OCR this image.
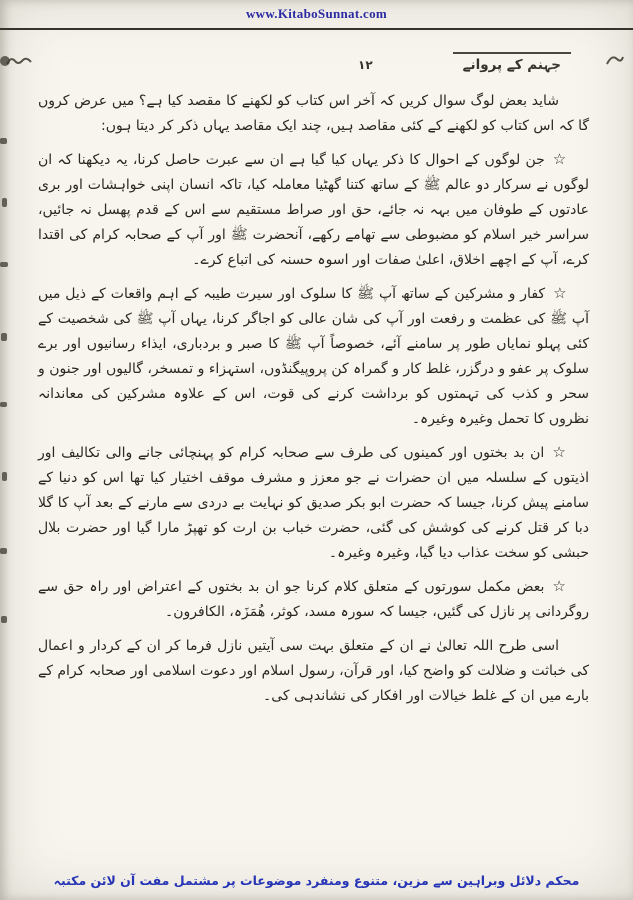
www.KitaboSunnat.com
۱۲	جہنم کے پروانے

شاید بعض لوگ سوال کریں کہ آخر اس کتاب کو لکھنے کا مقصد کیا ہے؟ میں عرض کروں گا کہ اس کتاب کو لکھنے کے کئی مقاصد ہیں، چند ایک مقاصد یہاں ذکر کر دیتا ہوں:

☆جن لوگوں کے احوال کا ذکر یہاں کیا گیا ہے ان سے عبرت حاصل کرنا، یہ دیکھنا کہ ان لوگوں نے سرکار دو عالم ﷺ کے ساتھ کتنا گھٹیا معاملہ کیا، تاکہ انسان اپنی خواہشات اور بری عادتوں کے طوفان میں بہہ نہ جائے، حق اور صراط مستقیم سے اس کے قدم پھسل نہ جائیں، سراسر خیر اسلام کو مضبوطی سے تھامے رکھے، آنحضرت ﷺ اور آپ کے صحابہ کرام کی اقتدا کرے، آپ کے اچھے اخلاق، اعلیٰ صفات اور اسوہ حسنہ کی اتباع کرے۔

☆کفار و مشرکین کے ساتھ آپ ﷺ کا سلوک اور سیرت طیبہ کے اہم واقعات کے ذیل میں آپ ﷺ کی عظمت و رفعت اور آپ کی شان عالی کو اجاگر کرنا، یہاں آپ ﷺ کی شخصیت کے کئی پہلو نمایاں طور پر سامنے آئے، خصوصاً آپ ﷺ کا صبر و بردباری، ایذاء رسانیوں اور برے سلوک پر عفو و درگزر، غلط کار و گمراہ کن پروپیگنڈوں، استہزاء و تمسخر، گالیوں اور جنون و سحر و کذب کی تہمتوں کو برداشت کرنے کی قوت، اس کے علاوہ مشرکین کی معاندانہ نظروں کا تحمل وغیرہ وغیرہ۔

☆ان بد بختوں اور کمینوں کی طرف سے صحابہ کرام کو پہنچائی جانے والی تکالیف اور اذیتوں کے سلسلہ میں ان حضرات نے جو معزز و مشرف موقف اختیار کیا تھا اس کو دنیا کے سامنے پیش کرنا، جیسا کہ حضرت ابو بکر صدیق کو نہایت بے دردی سے مارنے کے بعد آپ کا گلا دبا کر قتل کرنے کی کوشش کی گئی، حضرت خباب بن ارت کو تھپڑ مارا گیا اور حضرت بلال حبشی کو سخت عذاب دیا گیا، وغیرہ وغیرہ۔

☆بعض مکمل سورتوں کے متعلق کلام کرنا جو ان بد بختوں کے اعتراض اور راہ حق سے روگردانی پر نازل کی گئیں، جیسا کہ سورہ مسد، کوثر، ھُمَزَہ، الکافرون۔

اسی طرح اللہ تعالیٰ نے ان کے متعلق بہت سی آیتیں نازل فرما کر ان کے کردار و اعمال کی خباثت و ضلالت کو واضح کیا، اور قرآن، رسول اسلام اور دعوت اسلامی اور صحابہ کرام کے بارے میں ان کے غلط خیالات اور افکار کی نشاندہی کی۔

محکم دلائل وبراہین سے مزین، متنوع ومنفرد موضوعات پر مشتمل مفت آن لائن مکتبہ
